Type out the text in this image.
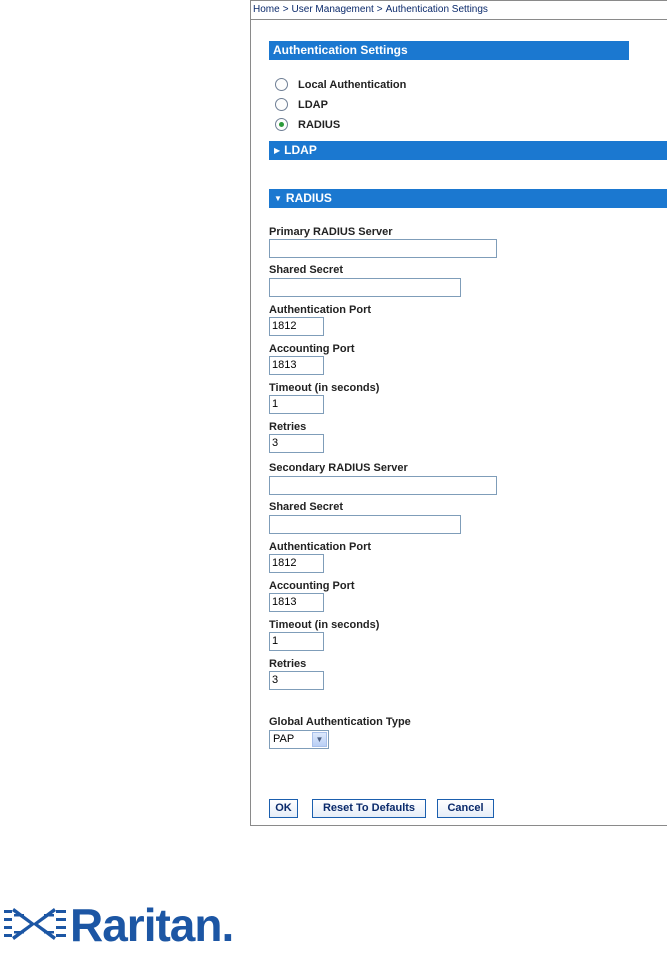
Home > User Management > Authentication Settings
Authentication Settings
Local Authentication
LDAP
RADIUS
▶ LDAP
▼ RADIUS
Primary RADIUS Server
Shared Secret
Authentication Port
1812
Accounting Port
1813
Timeout (in seconds)
1
Retries
3
Secondary RADIUS Server
Shared Secret
Authentication Port
1812
Accounting Port
1813
Timeout (in seconds)
1
Retries
3
Global Authentication Type
PAP	▼
OK	Reset To Defaults	Cancel
Raritan.
